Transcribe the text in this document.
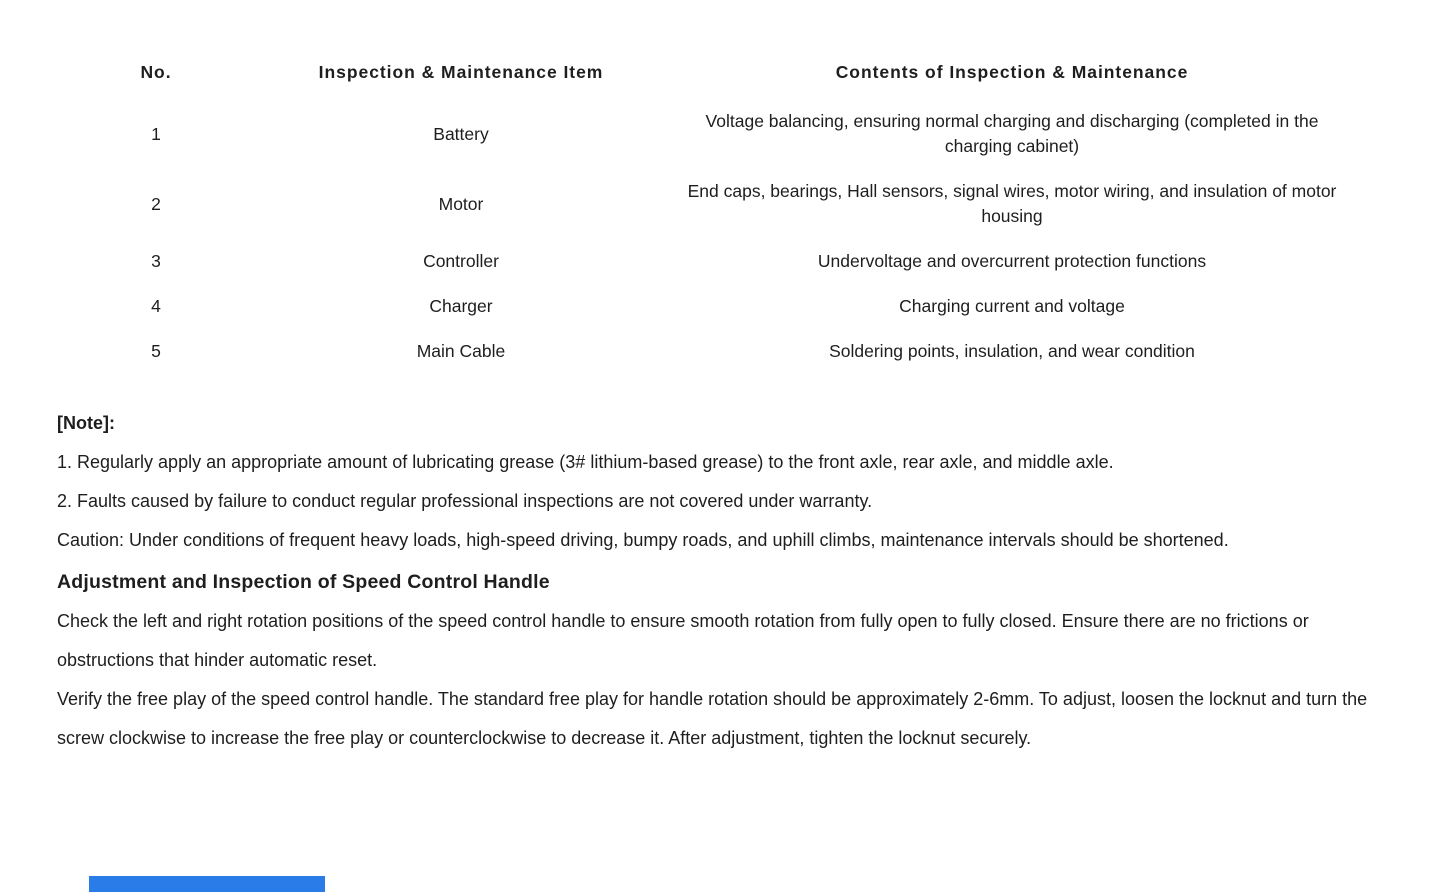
No.	Inspection & Maintenance Item	Contents of Inspection & Maintenance
1	Battery	Voltage balancing, ensuring normal charging and discharging (completed in the charging cabinet)
2	Motor	End caps, bearings, Hall sensors, signal wires, motor wiring, and insulation of motor housing
3	Controller	Undervoltage and overcurrent protection functions
4	Charger	Charging current and voltage
5	Main Cable	Soldering points, insulation, and wear condition
[Note]:

1. Regularly apply an appropriate amount of lubricating grease (3# lithium-based grease) to the front axle, rear axle, and middle axle.

2. Faults caused by failure to conduct regular professional inspections are not covered under warranty.

Caution: Under conditions of frequent heavy loads, high-speed driving, bumpy roads, and uphill climbs, maintenance intervals should be shortened.

Adjustment and Inspection of Speed Control Handle

Check the left and right rotation positions of the speed control handle to ensure smooth rotation from fully open to fully closed. Ensure there are no frictions or obstructions that hinder automatic reset.

Verify the free play of the speed control handle. The standard free play for handle rotation should be approximately 2-6mm. To adjust, loosen the locknut and turn the screw clockwise to increase the free play or counterclockwise to decrease it. After adjustment, tighten the locknut securely.
